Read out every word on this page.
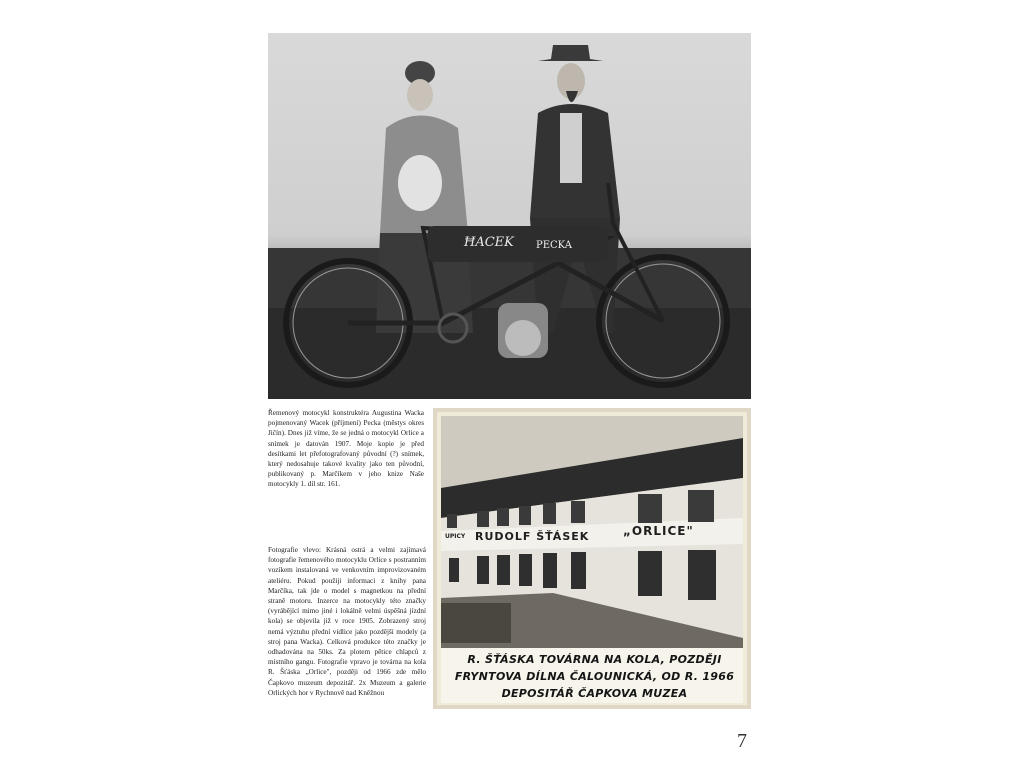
ĦACEK PECKA
Řemenový motocykl konstruktéra Augustina Wacka pojmenovaný Wacek (příjmení) Pecka (městys okres Jičín). Dnes již víme, že se jedná o motocykl Orlice a snímek je datován 1907. Moje kopie je před desítkami let přefotografovaný původní (?) snímek, který nedosahuje takové kvality jako ten původní, publikovaný p. Marčíkem v jeho knize Naše motocykly 1. díl str. 161.
Fotografie vlevo: Krásná ostrá a velmi zajímavá fotografie řemenového motocyklu Orlice s postranním vozíkem instalovaná ve venkovním improvizovaném ateliéru. Pokud použiji informaci z knihy pana Marčíka, tak jde o model s magnetkou na přední straně motoru. Inzerce na motocykly této značky (vyrábějící mimo jiné i lokálně velmi úspěšná jízdní kola) se objevila již v roce 1905. Zobrazený stroj nemá výztuhu přední vidlice jako pozdější modely (a stroj pana Wacka). Celková produkce této značky je odhadována na 50ks. Za plotem pětice chlapců z místního gangu. Fotografie vpravo je továrna na kola R. Šťáska „Orlice", později od 1966 zde mělo Čapkovo muzeum depozitář. 2x Muzeum a galerie Orlických hor v Rychnově nad Kněžnou
UPICY RUDOLF ŠŤÁSEK	„ORLICE"
R. ŠŤÁSKA TOVÁRNA NA KOLA, POZDĚJI FRYNTOVA DÍLNA ČALOUNICKÁ, OD R. 1966 DEPOSITÁŘ ČAPKOVA MUZEA
7
